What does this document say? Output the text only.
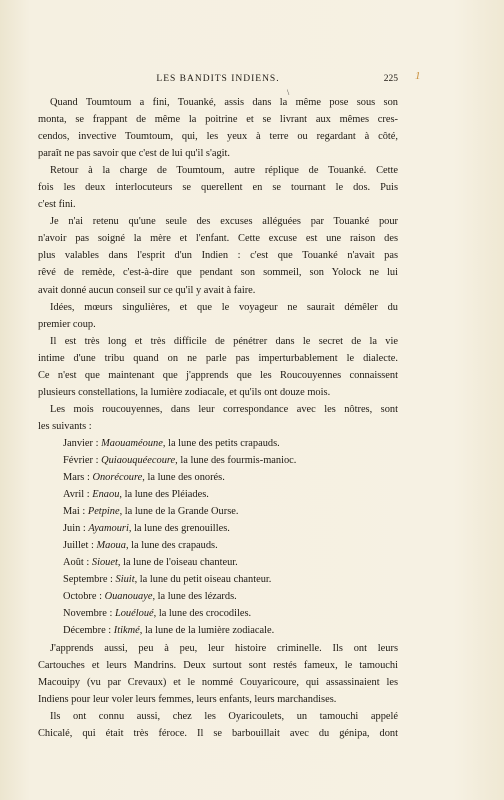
LES BANDITS INDIENS.	225 1
\
Quand Toumtoum a fini, Touanké, assis dans la même pose sous son
monta, se frappant de même la poitrine et se livrant aux mêmes cres-
cendos, invective Toumtoum, qui, les yeux à terre ou regardant à côté,
paraît ne pas savoir que c'est de lui qu'il s'agit.
Retour à la charge de Toumtoum, autre réplique de Touanké. Cette
fois les deux interlocuteurs se querellent en se tournant le dos. Puis
c'est fini.
Je n'ai retenu qu'une seule des excuses alléguées par Touanké pour
n'avoir pas soigné la mère et l'enfant. Cette excuse est une raison des
plus valables dans l'esprit d'un Indien : c'est que Touanké n'avait pas
rêvé de remède, c'est-à-dire que pendant son sommeil, son Yolock ne lui
avait donné aucun conseil sur ce qu'il y avait à faire.
Idées, mœurs singulières, et que le voyageur ne saurait démêler du
premier coup.
Il est très long et très difficile de pénétrer dans le secret de la vie
intime d'une tribu quand on ne parle pas imperturbablement le dialecte.
Ce n'est que maintenant que j'apprends que les Roucouyennes connaissent
plusieurs constellations, la lumière zodiacale, et qu'ils ont douze mois.
Les mois roucouyennes, dans leur correspondance avec les nôtres, sont
les suivants :
Janvier : Maouaméoune, la lune des petits crapauds.
Février : Quiaouquéecoure, la lune des fourmis-manioc.
Mars : Onorécoure, la lune des onorés.
Avril : Enaou, la lune des Pléiades.
Mai : Petpine, la lune de la Grande Ourse.
Juin : Ayamouri, la lune des grenouilles.
Juillet : Maoua, la lune des crapauds.
Août : Siouet, la lune de l'oiseau chanteur.
Septembre : Siuit, la lune du petit oiseau chanteur.
Octobre : Ouanouaye, la lune des lézards.
Novembre : Louéloué, la lune des crocodiles.
Décembre : Itikmé, la lune de la lumière zodiacale.
J'apprends aussi, peu à peu, leur histoire criminelle. Ils ont leurs
Cartouches et leurs Mandrins. Deux surtout sont restés fameux, le tamouchi
Macouipy (vu par Crevaux) et le nommé Couyaricoure, qui assassinaient les
Indiens pour leur voler leurs femmes, leurs enfants, leurs marchandises.
Ils ont connu aussi, chez les Oyaricoulets, un tamouchi appelé
Chicalé, qui était très féroce. Il se barbouillait avec du génipa, dont
